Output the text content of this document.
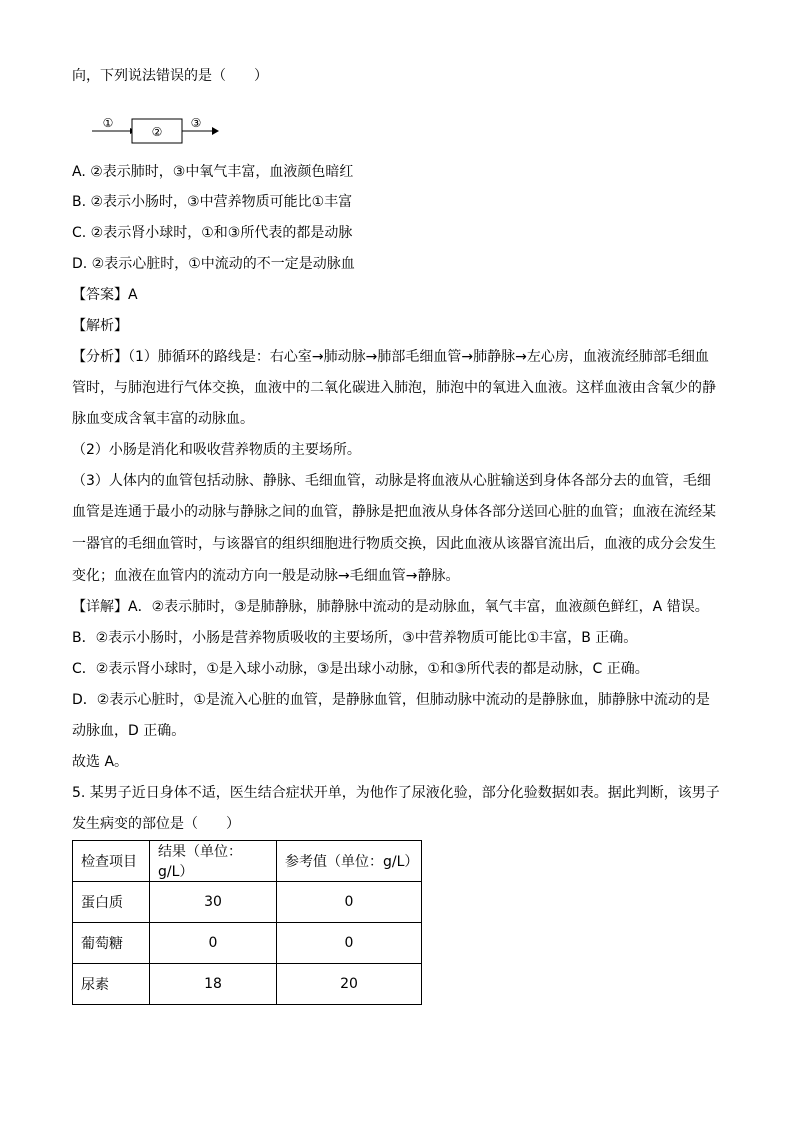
向，下列说法错误的是（　　）
①
②
③
A. ②表示肺时，③中氧气丰富，血液颜色暗红
B. ②表示小肠时，③中营养物质可能比①丰富
C. ②表示肾小球时，①和③所代表的都是动脉
D. ②表示心脏时，①中流动的不一定是动脉血
【答案】A
【解析】
【分析】（1）肺循环的路线是：右心室→肺动脉→肺部毛细血管→肺静脉→左心房，血液流经肺部毛细血
管时，与肺泡进行气体交换，血液中的二氧化碳进入肺泡，肺泡中的氧进入血液。这样血液由含氧少的静
脉血变成含氧丰富的动脉血。
（2）小肠是消化和吸收营养物质的主要场所。
（3）人体内的血管包括动脉、静脉、毛细血管，动脉是将血液从心脏输送到身体各部分去的血管，毛细
血管是连通于最小的动脉与静脉之间的血管，静脉是把血液从身体各部分送回心脏的血管；血液在流经某
一器官的毛细血管时，与该器官的组织细胞进行物质交换，因此血液从该器官流出后，血液的成分会发生
变化；血液在血管内的流动方向一般是动脉→毛细血管→静脉。
【详解】A．②表示肺时，③是肺静脉，肺静脉中流动的是动脉血，氧气丰富，血液颜色鲜红，A 错误。
B．②表示小肠时，小肠是营养物质吸收的主要场所，③中营养物质可能比①丰富，B 正确。
C．②表示肾小球时，①是入球小动脉，③是出球小动脉，①和③所代表的都是动脉，C 正确。
D．②表示心脏时，①是流入心脏的血管，是静脉血管，但肺动脉中流动的是静脉血，肺静脉中流动的是
动脉血，D 正确。
故选 A。
5. 某男子近日身体不适，医生结合症状开单，为他作了尿液化验，部分化验数据如表。据此判断，该男子
发生病变的部位是（　　）
检查项目	结果（单位：g/L）	参考值（单位：g/L）
蛋白质	30	0
葡萄糖	0	0
尿素	18	20
